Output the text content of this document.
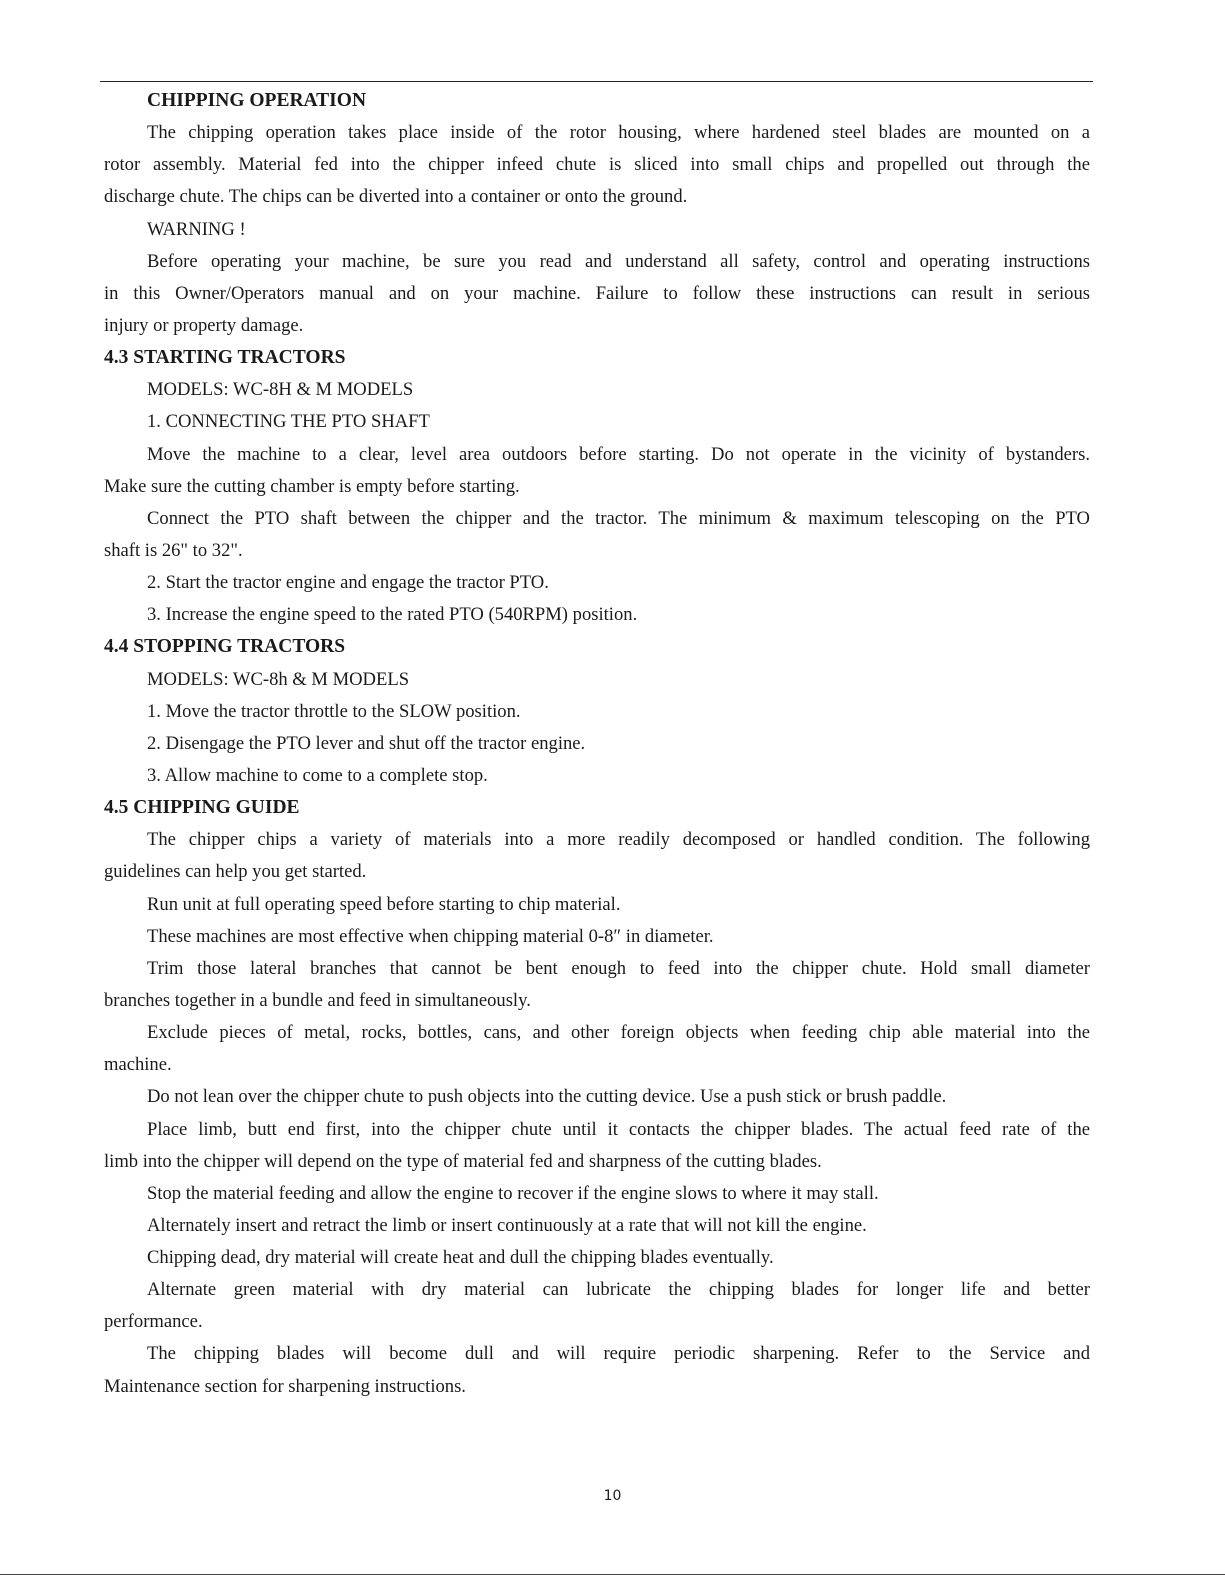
CHIPPING OPERATION
The chipping operation takes place inside of the rotor housing, where hardened steel blades are mounted on a
rotor assembly. Material fed into the chipper infeed chute is sliced into small chips and propelled out through the
discharge chute. The chips can be diverted into a container or onto the ground.
WARNING !
Before operating your machine, be sure you read and understand all safety, control and operating instructions
in this Owner/Operators manual and on your machine. Failure to follow these instructions can result in serious
injury or property damage.
4.3 STARTING TRACTORS
MODELS: WC-8H & M MODELS
1. CONNECTING THE PTO SHAFT
Move the machine to a clear, level area outdoors before starting. Do not operate in the vicinity of bystanders.
Make sure the cutting chamber is empty before starting.
Connect the PTO shaft between the chipper and the tractor. The minimum & maximum telescoping on the PTO
shaft is 26" to 32".
2. Start the tractor engine and engage the tractor PTO.
3. Increase the engine speed to the rated PTO (540RPM) position.
4.4 STOPPING TRACTORS
MODELS: WC-8h & M MODELS
1. Move the tractor throttle to the SLOW position.
2. Disengage the PTO lever and shut off the tractor engine.
3. Allow machine to come to a complete stop.
4.5 CHIPPING GUIDE
The chipper chips a variety of materials into a more readily decomposed or handled condition. The following
guidelines can help you get started.
Run unit at full operating speed before starting to chip material.
These machines are most effective when chipping material 0-8″ in diameter.
Trim those lateral branches that cannot be bent enough to feed into the chipper chute. Hold small diameter
branches together in a bundle and feed in simultaneously.
Exclude pieces of metal, rocks, bottles, cans, and other foreign objects when feeding chip able material into the
machine.
Do not lean over the chipper chute to push objects into the cutting device. Use a push stick or brush paddle.
Place limb, butt end first, into the chipper chute until it contacts the chipper blades. The actual feed rate of the
limb into the chipper will depend on the type of material fed and sharpness of the cutting blades.
Stop the material feeding and allow the engine to recover if the engine slows to where it may stall.
Alternately insert and retract the limb or insert continuously at a rate that will not kill the engine.
Chipping dead, dry material will create heat and dull the chipping blades eventually.
Alternate green material with dry material can lubricate the chipping blades for longer life and better
performance.
The chipping blades will become dull and will require periodic sharpening. Refer to the Service and
Maintenance section for sharpening instructions.
10
